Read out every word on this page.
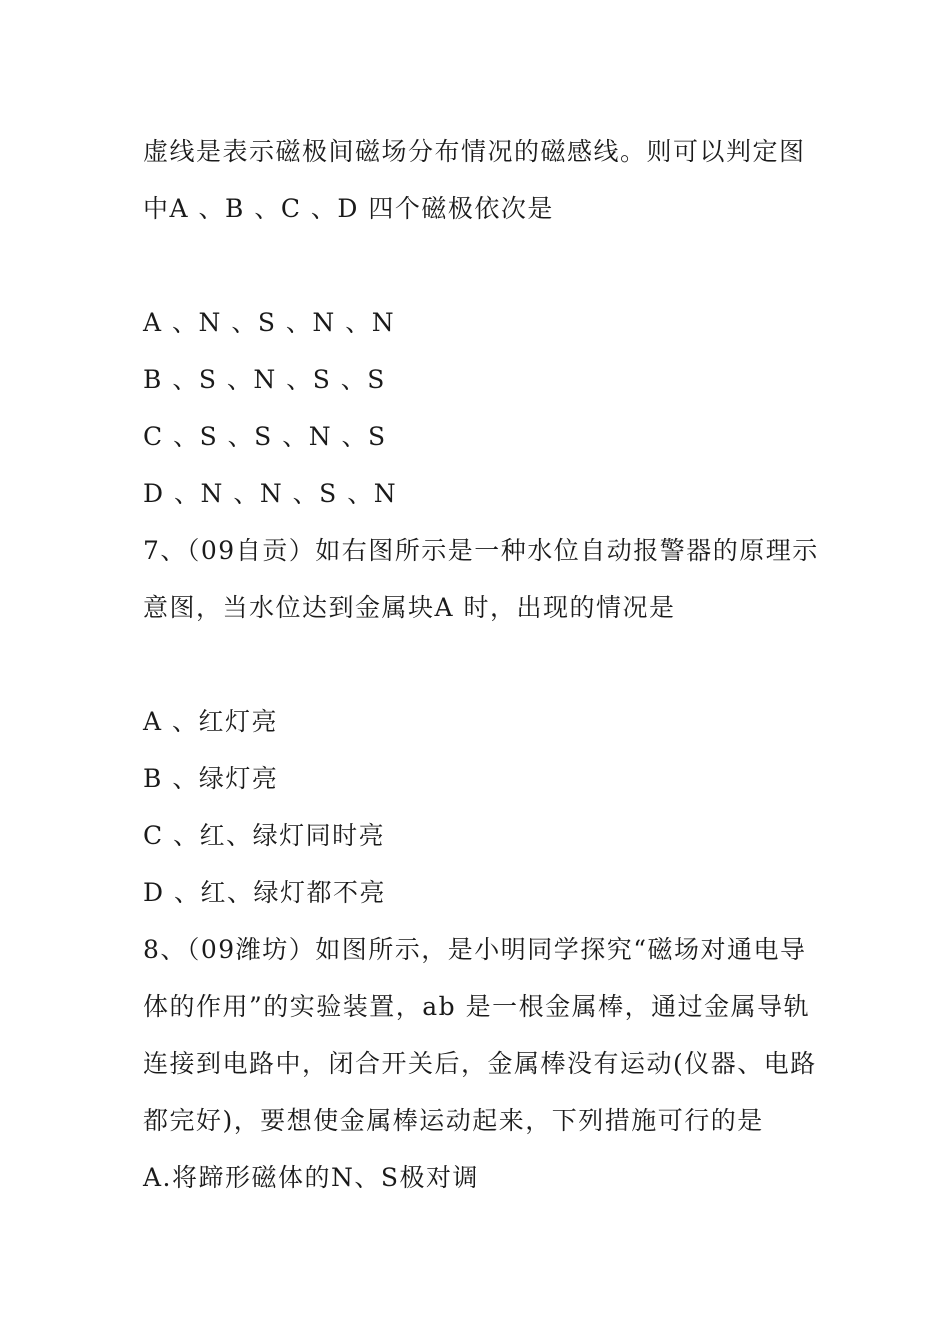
虚线是表示磁极间磁场分布情况的磁感线。则可以判定图
中A 、B 、C 、D 四个磁极依次是
A 、N 、S 、N 、N
B 、S 、N 、S 、S
C 、S 、S 、N 、S
D 、N 、N 、S 、N
7、（09自贡）如右图所示是一种水位自动报警器的原理示
意图，当水位达到金属块A 时，出现的情况是
A 、红灯亮
B 、绿灯亮
C 、红、绿灯同时亮
D 、红、绿灯都不亮
8、（09潍坊）如图所示，是小明同学探究“磁场对通电导
体的作用”的实验装置，ab 是一根金属棒，通过金属导轨
连接到电路中，闭合开关后，金属棒没有运动(仪器、电路
都完好)，要想使金属棒运动起来，下列措施可行的是
A.将蹄形磁体的N、S极对调
